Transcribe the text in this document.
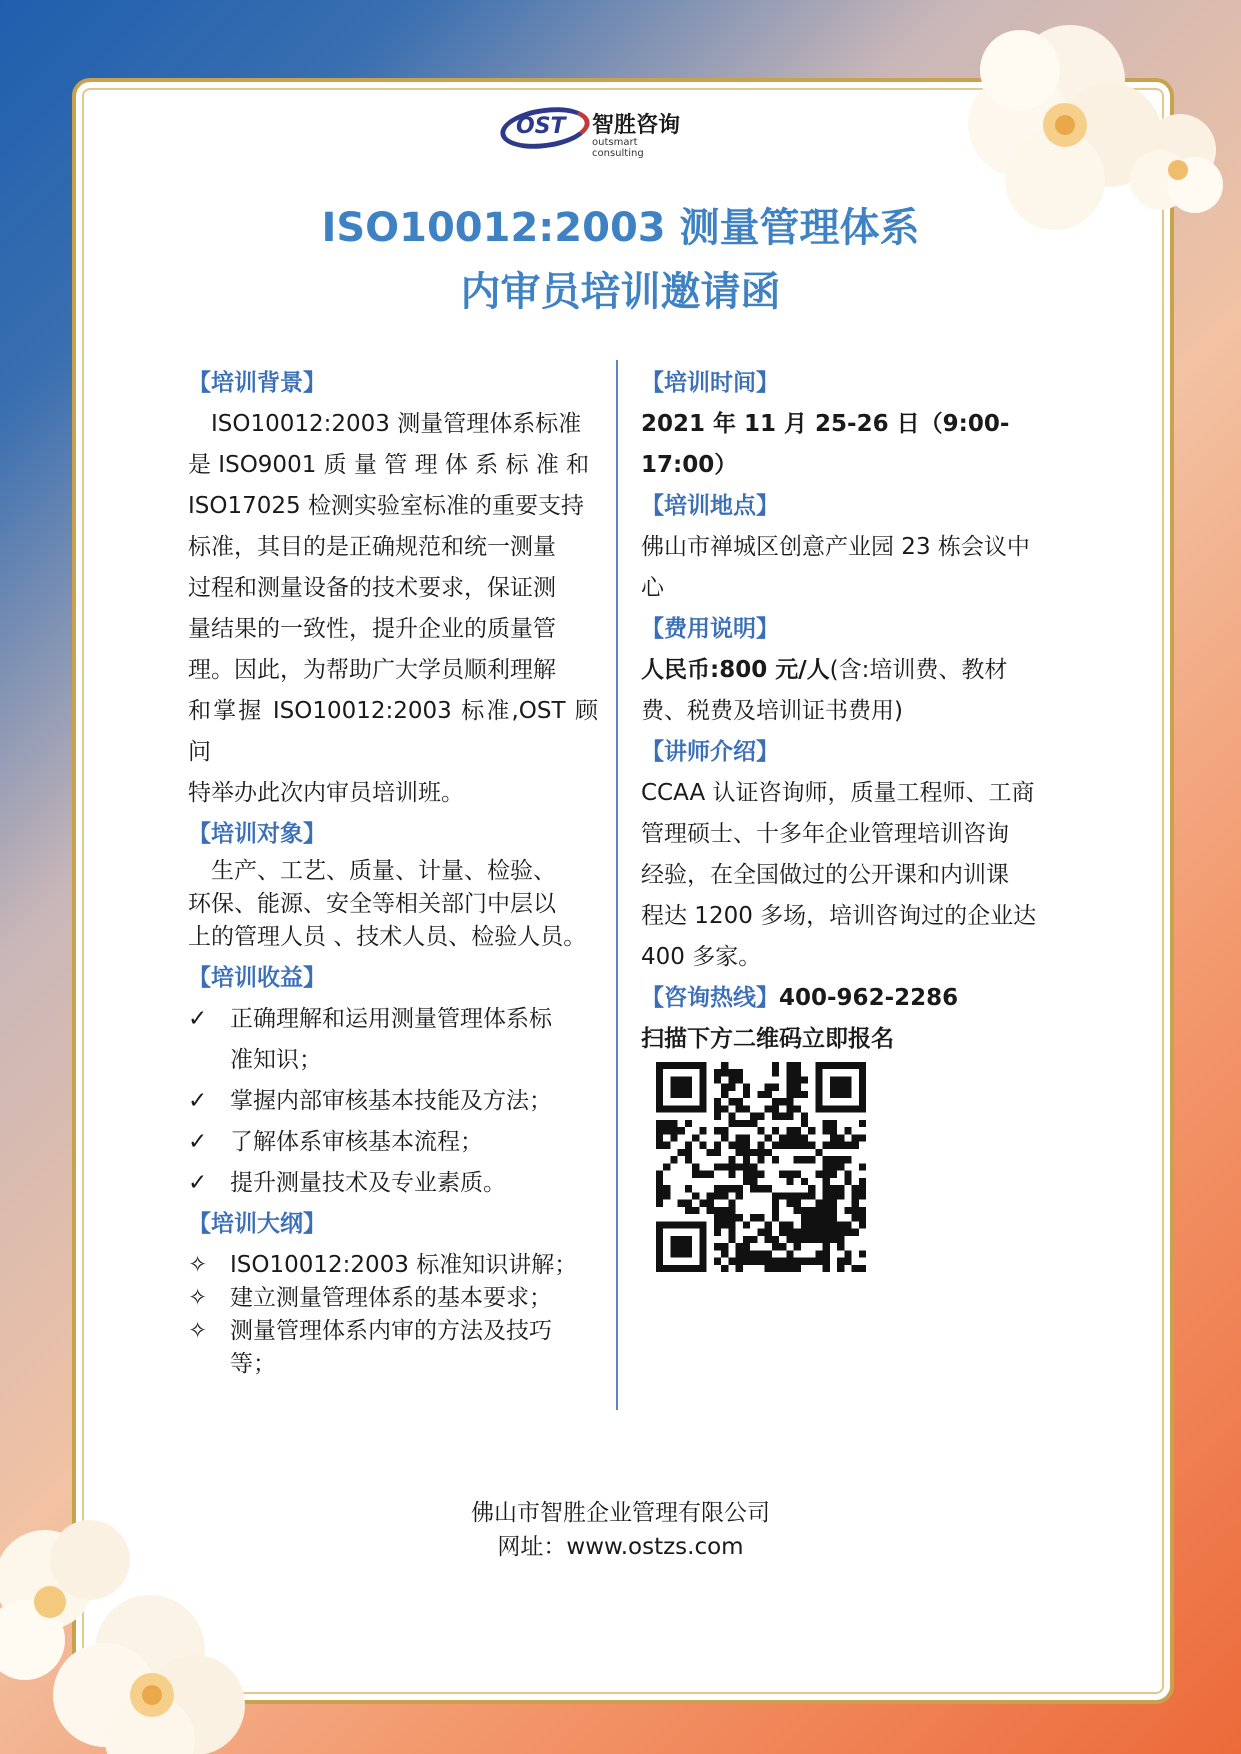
OST 智胜咨询
outsmart consulting
ISO10012:2003 测量管理体系
内审员培训邀请函
【培训背景】

　ISO10012:2003 测量管理体系标准

是 ISO9001 质 量 管 理 体 系 标 准 和

ISO17025 检测实验室标准的重要支持

标准，其目的是正确规范和统一测量

过程和测量设备的技术要求，保证测

量结果的一致性，提升企业的质量管

理。因此，为帮助广大学员顺利理解

和掌握 ISO10012:2003 标准,OST 顾问

特举办此次内审员培训班。

【培训对象】

　生产、工艺、质量、计量、检验、

环保、能源、安全等相关部门中层以

上的管理人员 、技术人员、检验人员。

【培训收益】
✓ 正确理解和运用测量管理体系标

准知识；

✓ 掌握内部审核基本技能及方法；

✓ 了解体系审核基本流程；

✓ 提升测量技术及专业素质。

【培训大纲】
✧ ISO10012:2003 标准知识讲解；

✧ 建立测量管理体系的基本要求；

✧ 测量管理体系内审的方法及技巧

等；

【培训时间】

2021 年 11 月 25-26 日（9:00-17:00）

【培训地点】

佛山市禅城区创意产业园 23 栋会议中

心

【费用说明】

人民币:800 元/人(含:培训费、教材

费、税费及培训证书费用)

【讲师介绍】

CCAA 认证咨询师，质量工程师、工商

管理硕士、十多年企业管理培训咨询

经验，在全国做过的公开课和内训课

程达 1200 多场，培训咨询过的企业达

400 多家。

【咨询热线】400-962-2286

扫描下方二维码立即报名

佛山市智胜企业管理有限公司
网址：www.ostzs.com
